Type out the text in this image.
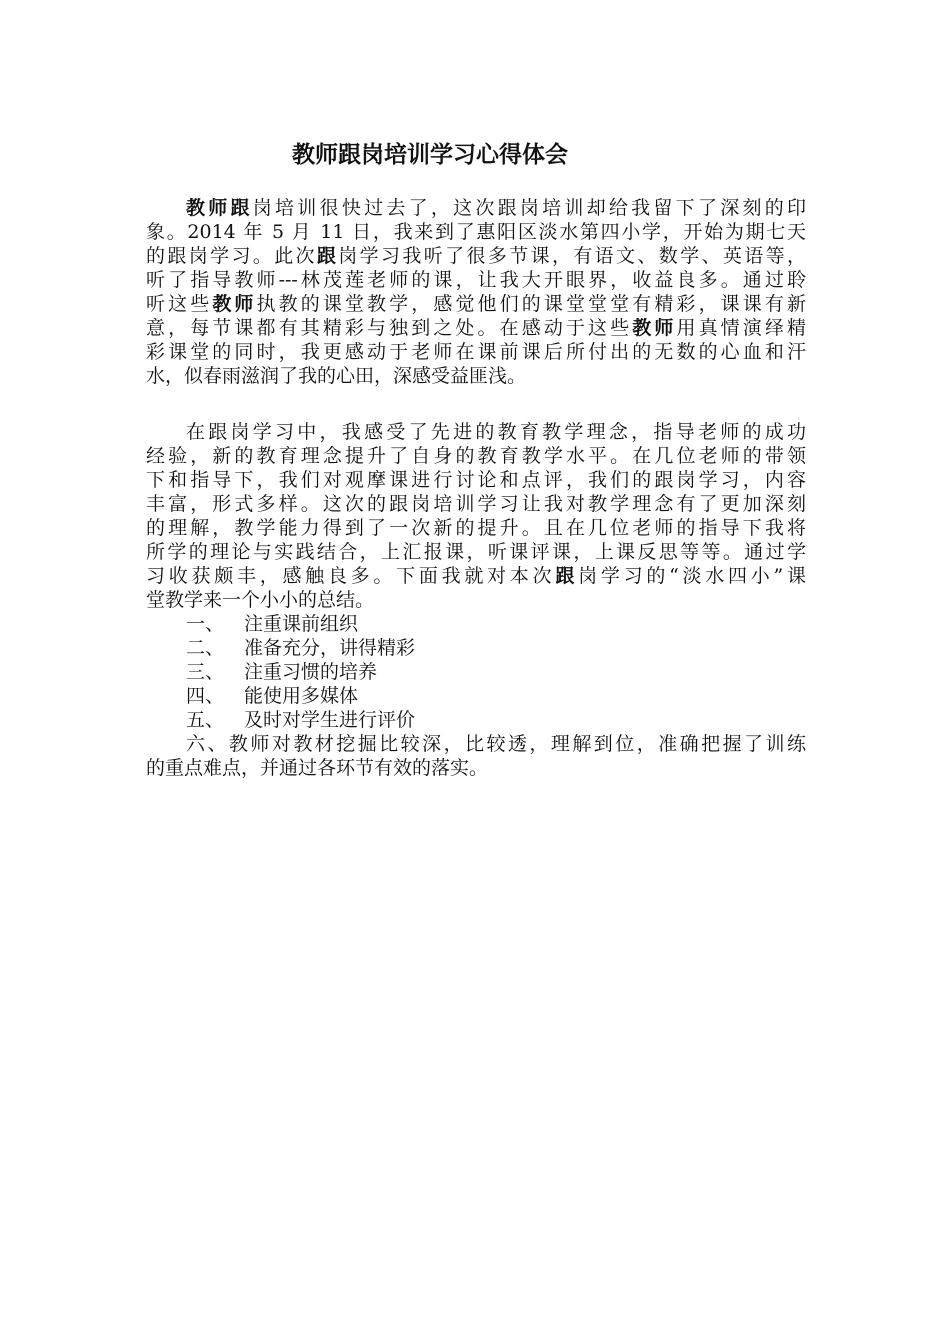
教师跟岗培训学习心得体会
教师跟岗培训很快过去了，这次跟岗培训却给我留下了深刻的印
象。2014 年 5 月 11 日，我来到了惠阳区淡水第四小学，开始为期七天
的跟岗学习。此次跟岗学习我听了很多节课，有语文、数学、英语等，
听了指导教师---林茂莲老师的课，让我大开眼界，收益良多。通过聆
听这些教师执教的课堂教学，感觉他们的课堂堂堂有精彩，课课有新
意，每节课都有其精彩与独到之处。在感动于这些教师用真情演绎精
彩课堂的同时，我更感动于老师在课前课后所付出的无数的心血和汗
水，似春雨滋润了我的心田，深感受益匪浅。
在跟岗学习中，我感受了先进的教育教学理念，指导老师的成功
经验，新的教育理念提升了自身的教育教学水平。在几位老师的带领
下和指导下，我们对观摩课进行讨论和点评，我们的跟岗学习，内容
丰富，形式多样。这次的跟岗培训学习让我对教学理念有了更加深刻
的理解，教学能力得到了一次新的提升。且在几位老师的指导下我将
所学的理论与实践结合，上汇报课，听课评课，上课反思等等。通过学
习收获颇丰，感触良多。下面我就对本次跟岗学习的“淡水四小”课
堂教学来一个小小的总结。
一、 注重课前组织
二、 准备充分，讲得精彩
三、 注重习惯的培养
四、 能使用多媒体
五、 及时对学生进行评价
六、教师对教材挖掘比较深，比较透，理解到位，准确把握了训练
的重点难点，并通过各环节有效的落实。
